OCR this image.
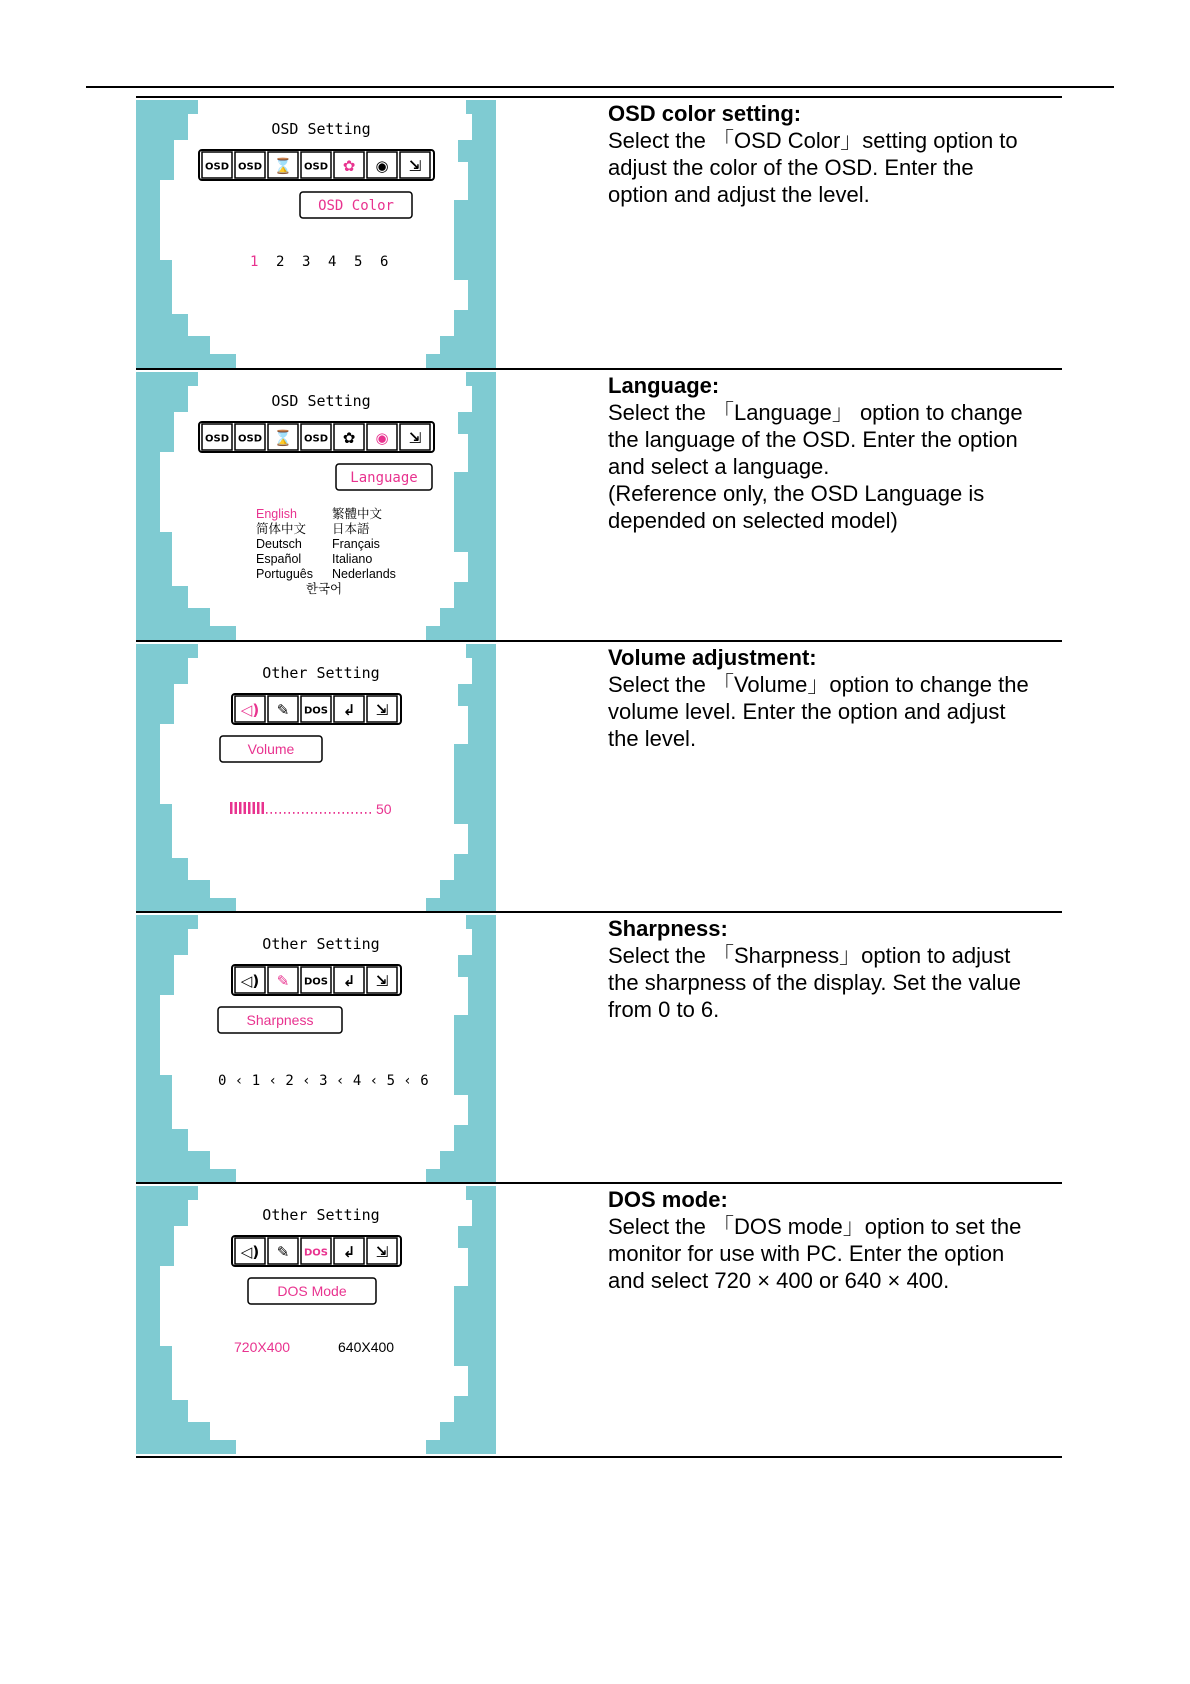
OSD Setting
OSD OSD ⌛ OSD ✿ ◉ ⇲
OSD Color
1 2 3 4 5 6
OSD color setting:

Select the 「OSD Color」setting option to

adjust the color of the OSD. Enter the

option and adjust the level.

OSD Setting
OSD OSD ⌛ OSD ✿ ◉ ⇲
Language
English
简体中文
Deutsch
Español
Português
繁體中文
日本語
Français
Italiano
Nederlands
한국어
Language:

Select the 「Language」 option to change

the language of the OSD. Enter the option

and select a language.

(Reference only, the OSD Language is

depended on selected model)

Other Setting
◁) ✎ DOS ↲ ⇲
Volume
50
Volume adjustment:

Select the 「Volume」option to change the

volume level. Enter the option and adjust

the level.

Other Setting
◁) ✎ DOS ↲ ⇲
Sharpness
0 ‹ 1 ‹ 2 ‹ 3 ‹ 4 ‹ 5 ‹ 6
Sharpness:

Select the 「Sharpness」option to adjust

the sharpness of the display. Set the value

from 0 to 6.

Other Setting
◁) ✎ DOS ↲ ⇲
DOS Mode
720X400	640X400
DOS mode:

Select the 「DOS mode」option to set the

monitor for use with PC. Enter the option

and select 720 × 400 or 640 × 400.
